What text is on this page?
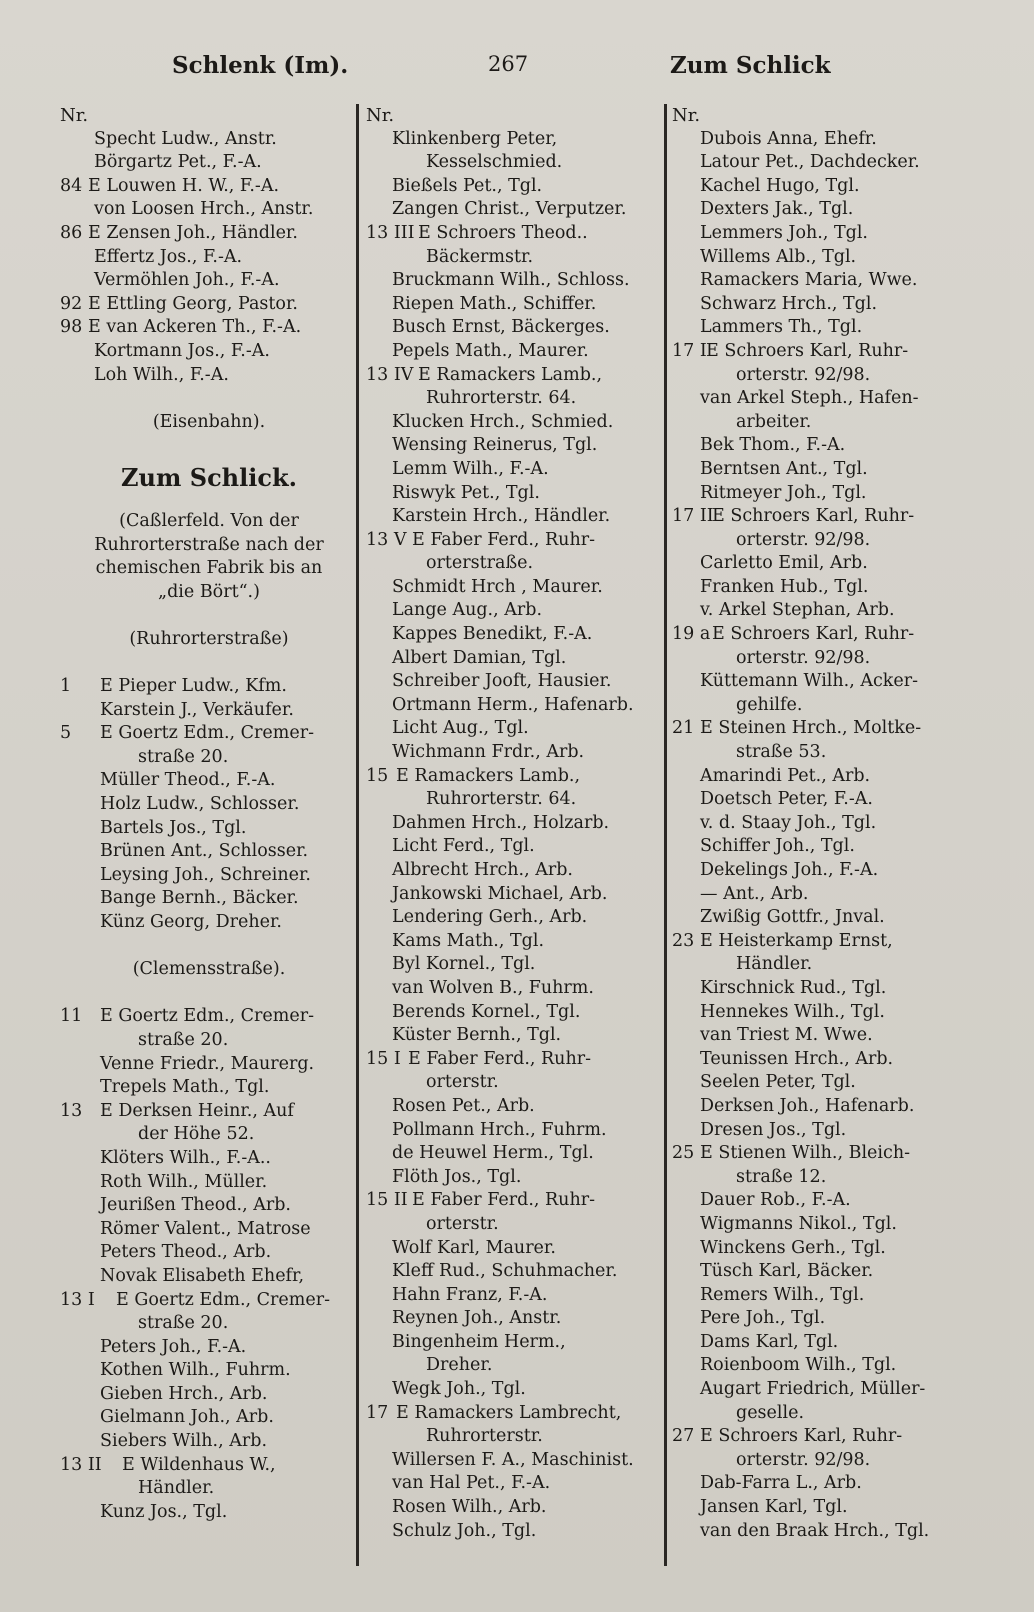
Schlenk (Im).	267	Zum Schlick
Nr.
Specht Ludw., Anstr.
Börgartz Pet., F.-A.
84 E Louwen H. W., F.-A.
von Loosen Hrch., Anstr.
86 E Zensen Joh., Händler.
Effertz Jos., F.-A.
Vermöhlen Joh., F.-A.
92 E Ettling Georg, Pastor.
98 E van Ackeren Th., F.-A.
Kortmann Jos., F.-A.
Loh Wilh., F.-A.
(Eisenbahn).
Zum Schlick.
(Caßlerfeld. Von der
Ruhrorterstraße nach der
chemischen Fabrik bis an
„die Bört“.)
(Ruhrorterstraße)
1 E Pieper Ludw., Kfm.
Karstein J., Verkäufer.
5 E Goertz Edm., Cremer-
straße 20.
Müller Theod., F.-A.
Holz Ludw., Schlosser.
Bartels Jos., Tgl.
Brünen Ant., Schlosser.
Leysing Joh., Schreiner.
Bange Bernh., Bäcker.
Künz Georg, Dreher.
(Clemensstraße).
11 E Goertz Edm., Cremer-
straße 20.
Venne Friedr., Maurerg.
Trepels Math., Tgl.
13 E Derksen Heinr., Auf
der Höhe 52.
Klöters Wilh., F.-A..
Roth Wilh., Müller.
Jeurißen Theod., Arb.
Römer Valent., Matrose
Peters Theod., Arb.
Novak Elisabeth Ehefr,
13 I E Goertz Edm., Cremer-
straße 20.
Peters Joh., F.-A.
Kothen Wilh., Fuhrm.
Gieben Hrch., Arb.
Gielmann Joh., Arb.
Siebers Wilh., Arb.
13 II E Wildenhaus W.,
Händler.
Kunz Jos., Tgl.
Nr.
Klinkenberg Peter,
Kesselschmied.
Bießels Pet., Tgl.
Zangen Christ., Verputzer.
13 III E Schroers Theod..
Bäckermstr.
Bruckmann Wilh., Schloss.
Riepen Math., Schiffer.
Busch Ernst, Bäckerges.
Pepels Math., Maurer.
13 IV E Ramackers Lamb.,
Ruhrorterstr. 64.
Klucken Hrch., Schmied.
Wensing Reinerus, Tgl.
Lemm Wilh., F.-A.
Riswyk Pet., Tgl.
Karstein Hrch., Händler.
13 V E Faber Ferd., Ruhr-
orterstraße.
Schmidt Hrch , Maurer.
Lange Aug., Arb.
Kappes Benedikt, F.-A.
Albert Damian, Tgl.
Schreiber Jooft, Hausier.
Ortmann Herm., Hafenarb.
Licht Aug., Tgl.
Wichmann Frdr., Arb.
15 E Ramackers Lamb.,
Ruhrorterstr. 64.
Dahmen Hrch., Holzarb.
Licht Ferd., Tgl.
Albrecht Hrch., Arb.
Jankowski Michael, Arb.
Lendering Gerh., Arb.
Kams Math., Tgl.
Byl Kornel., Tgl.
van Wolven B., Fuhrm.
Berends Kornel., Tgl.
Küster Bernh., Tgl.
15 I E Faber Ferd., Ruhr-
orterstr.
Rosen Pet., Arb.
Pollmann Hrch., Fuhrm.
de Heuwel Herm., Tgl.
Flöth Jos., Tgl.
15 II E Faber Ferd., Ruhr-
orterstr.
Wolf Karl, Maurer.
Kleff Rud., Schuhmacher.
Hahn Franz, F.-A.
Reynen Joh., Anstr.
Bingenheim Herm.,
Dreher.
Wegk Joh., Tgl.
17 E Ramackers Lambrecht,
Ruhrorterstr.
Willersen F. A., Maschinist.
van Hal Pet., F.-A.
Rosen Wilh., Arb.
Schulz Joh., Tgl.
Nr.
Dubois Anna, Ehefr.
Latour Pet., Dachdecker.
Kachel Hugo, Tgl.
Dexters Jak., Tgl.
Lemmers Joh., Tgl.
Willems Alb., Tgl.
Ramackers Maria, Wwe.
Schwarz Hrch., Tgl.
Lammers Th., Tgl.
17 I E Schroers Karl, Ruhr-
orterstr. 92/98.
van Arkel Steph., Hafen-
arbeiter.
Bek Thom., F.-A.
Berntsen Ant., Tgl.
Ritmeyer Joh., Tgl.
17 II
E Schroers Karl, Ruhr-
orterstr. 92/98.
Carletto Emil, Arb.
Franken Hub., Tgl.
v. Arkel Stephan, Arb.
19 a E Schroers Karl, Ruhr-
orterstr. 92/98.
Küttemann Wilh., Acker-
gehilfe.
21 E Steinen Hrch., Moltke-
straße 53.
Amarindi Pet., Arb.
Doetsch Peter, F.-A.
v. d. Staay Joh., Tgl.
Schiffer Joh., Tgl.
Dekelings Joh., F.-A.
— Ant., Arb.
Zwißig Gottfr., Jnval.
23 E Heisterkamp Ernst,
Händler.
Kirschnick Rud., Tgl.
Hennekes Wilh., Tgl.
van Triest M. Wwe.
Teunissen Hrch., Arb.
Seelen Peter, Tgl.
Derksen Joh., Hafenarb.
Dresen Jos., Tgl.
25 E Stienen Wilh., Bleich-
straße 12.
Dauer Rob., F.-A.
Wigmanns Nikol., Tgl.
Winckens Gerh., Tgl.
Tüsch Karl, Bäcker.
Remers Wilh., Tgl.
Pere Joh., Tgl.
Dams Karl, Tgl.
Roienboom Wilh., Tgl.
Augart Friedrich, Müller-
geselle.
27 E Schroers Karl, Ruhr-
orterstr. 92/98.
Dab-Farra L., Arb.
Jansen Karl, Tgl.
van den Braak Hrch., Tgl.
